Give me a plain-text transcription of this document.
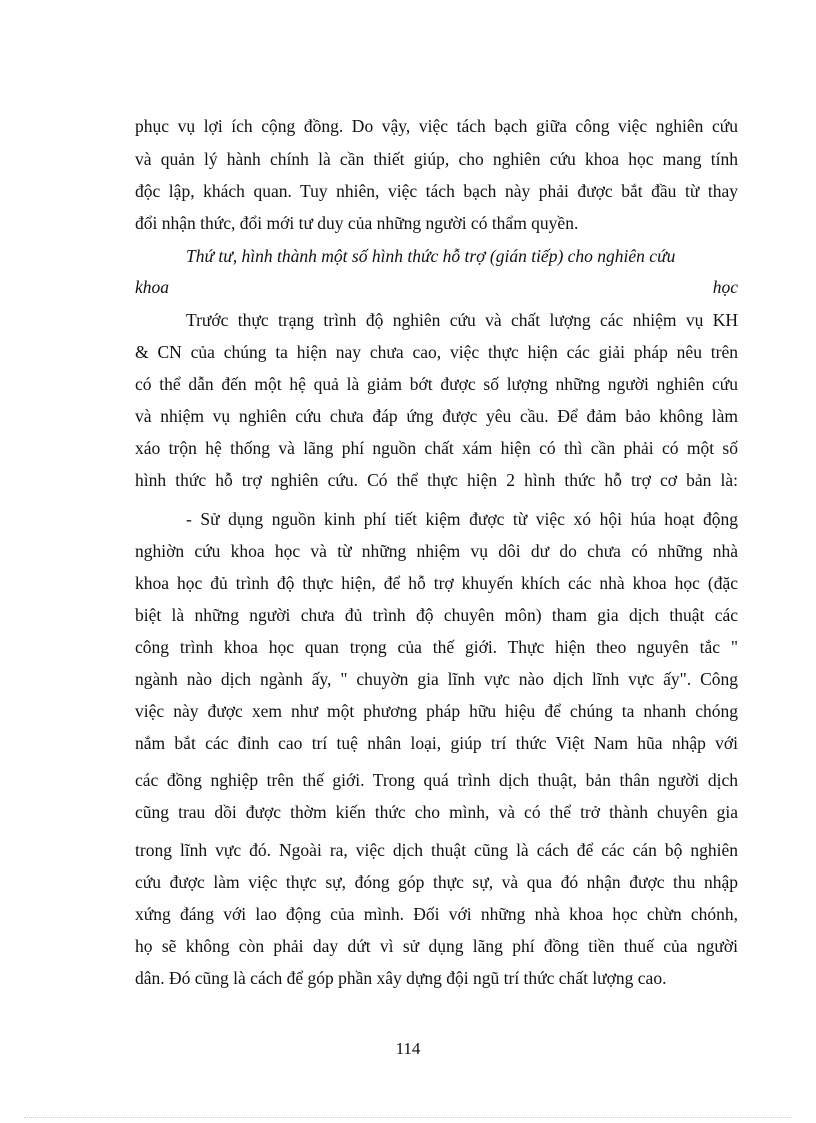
phục vụ lợi ích cộng đồng. Do vậy, việc tách bạch giữa công việc nghiên cứu
và quản lý hành chính là cần thiết giúp, cho nghiên cứu khoa học mang tính
độc lập, khách quan. Tuy nhiên, việc tách bạch này phải được bắt đầu từ thay
đổi nhận thức, đổi mới tư duy của những người có thẩm quyền.
Thứ tư, hình thành một số hình thức hỗ trợ (gián tiếp) cho nghiên cứu
khoa	học
Trước thực trạng trình độ nghiên cứu và chất lượng các nhiệm vụ KH
& CN của chúng ta hiện nay chưa cao, việc thực hiện các giải pháp nêu trên
có thể dẫn đến một hệ quả là giảm bớt được số lượng những người nghiên cứu
và nhiệm vụ nghiên cứu chưa đáp ứng được yêu cầu. Để đảm bảo không làm
xáo trộn hệ thống và lãng phí nguồn chất xám hiện có thì cần phải có một số
hình thức hỗ trợ nghiên cứu. Có thể thực hiện 2 hình thức hỗ trợ cơ bản là:
- Sử dụng nguồn kinh phí tiết kiệm được từ việc xó hội húa hoạt động
nghiờn cứu khoa học và từ những nhiệm vụ dôi dư do chưa có những nhà
khoa học đủ trình độ thực hiện, để hỗ trợ khuyến khích các nhà khoa học (đặc
biệt là những người chưa đủ trình độ chuyên môn) tham gia dịch thuật các
công trình khoa học quan trọng của thế giới. Thực hiện theo nguyên tắc "
ngành nào dịch ngành ấy, " chuyờn gia lĩnh vực nào dịch lĩnh vực ấy". Công
việc này được xem như một phương pháp hữu hiệu để chúng ta nhanh chóng
nắm bắt các đỉnh cao trí tuệ nhân loại, giúp trí thức Việt Nam hũa nhập với
các đồng nghiệp trên thế giới. Trong quá trình dịch thuật, bản thân người dịch
cũng trau dồi được thờm kiến thức cho mình, và có thể trở thành chuyên gia
trong lĩnh vực đó. Ngoài ra, việc dịch thuật cũng là cách để các cán bộ nghiên
cứu được làm việc thực sự, đóng góp thực sự, và qua đó nhận được thu nhập
xứng đáng với lao động của mình. Đối với những nhà khoa học chừn chónh,
họ sẽ không còn phải day dứt vì sử dụng lãng phí đồng tiền thuế của người
dân. Đó cũng là cách để góp phần xây dựng đội ngũ trí thức chất lượng cao.
114
